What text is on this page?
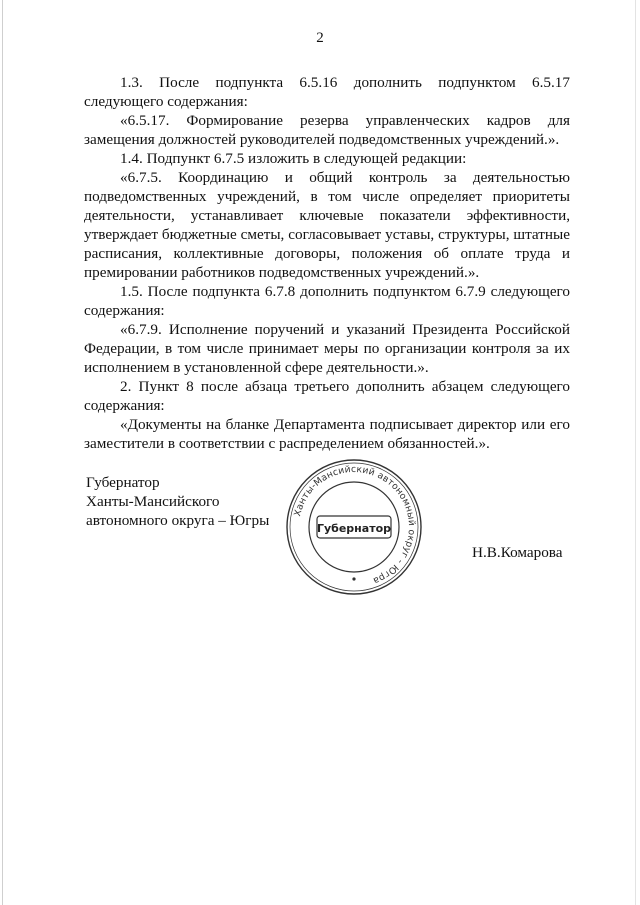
2

1.3. После подпункта 6.5.16 дополнить подпунктом 6.5.17 следующего содержания:

«6.5.17. Формирование резерва управленческих кадров для замещения должностей руководителей подведомственных учреждений.».

1.4. Подпункт 6.7.5 изложить в следующей редакции:

«6.7.5. Координацию и общий контроль за деятельностью подведомственных учреждений, в том числе определяет приоритеты деятельности, устанавливает ключевые показатели эффективности, утверждает бюджетные сметы, согласовывает уставы, структуры, штатные расписания, коллективные договоры, положения об оплате труда и премировании работников подведомственных учреждений.».

1.5. После подпункта 6.7.8 дополнить подпунктом 6.7.9 следующего содержания:

«6.7.9. Исполнение поручений и указаний Президента Российской Федерации, в том числе принимает меры по организации контроля за их исполнением в установленной сфере деятельности.».

2. Пункт 8 после абзаца третьего дополнить абзацем следующего содержания:

«Документы на бланке Департамента подписывает директор или его заместители в соответствии с распределением обязанностей.».

Губернатор
Ханты-Мансийского
автономного округа – Югры Ханты-Мансийский автономный округ - Югра
Губернатор
Н.В.Комарова
